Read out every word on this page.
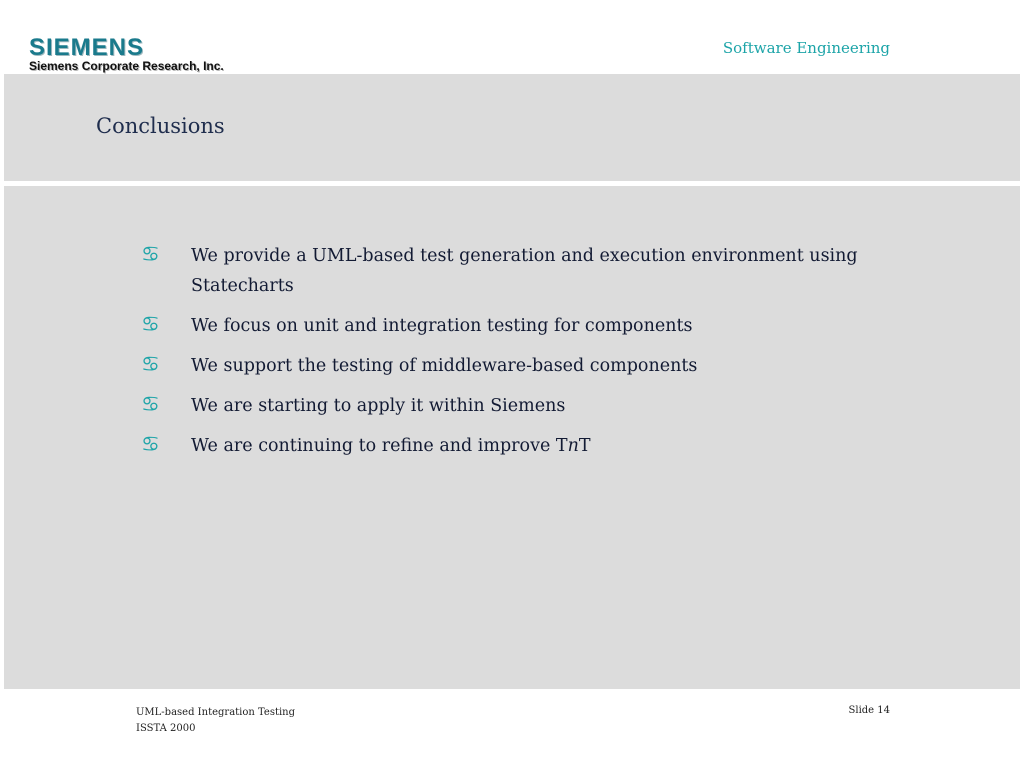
SIEMENS
Siemens Corporate Research, Inc.
Software Engineering
Conclusions
♋	We provide a UML-based test generation and execution environment using Statecharts
♋	We focus on unit and integration testing for components
♋	We support the testing of middleware-based components
♋	We are starting to apply it within Siemens
♋	We are continuing to refine and improve TnT
UML-based Integration Testing
ISSTA 2000
Slide 14
